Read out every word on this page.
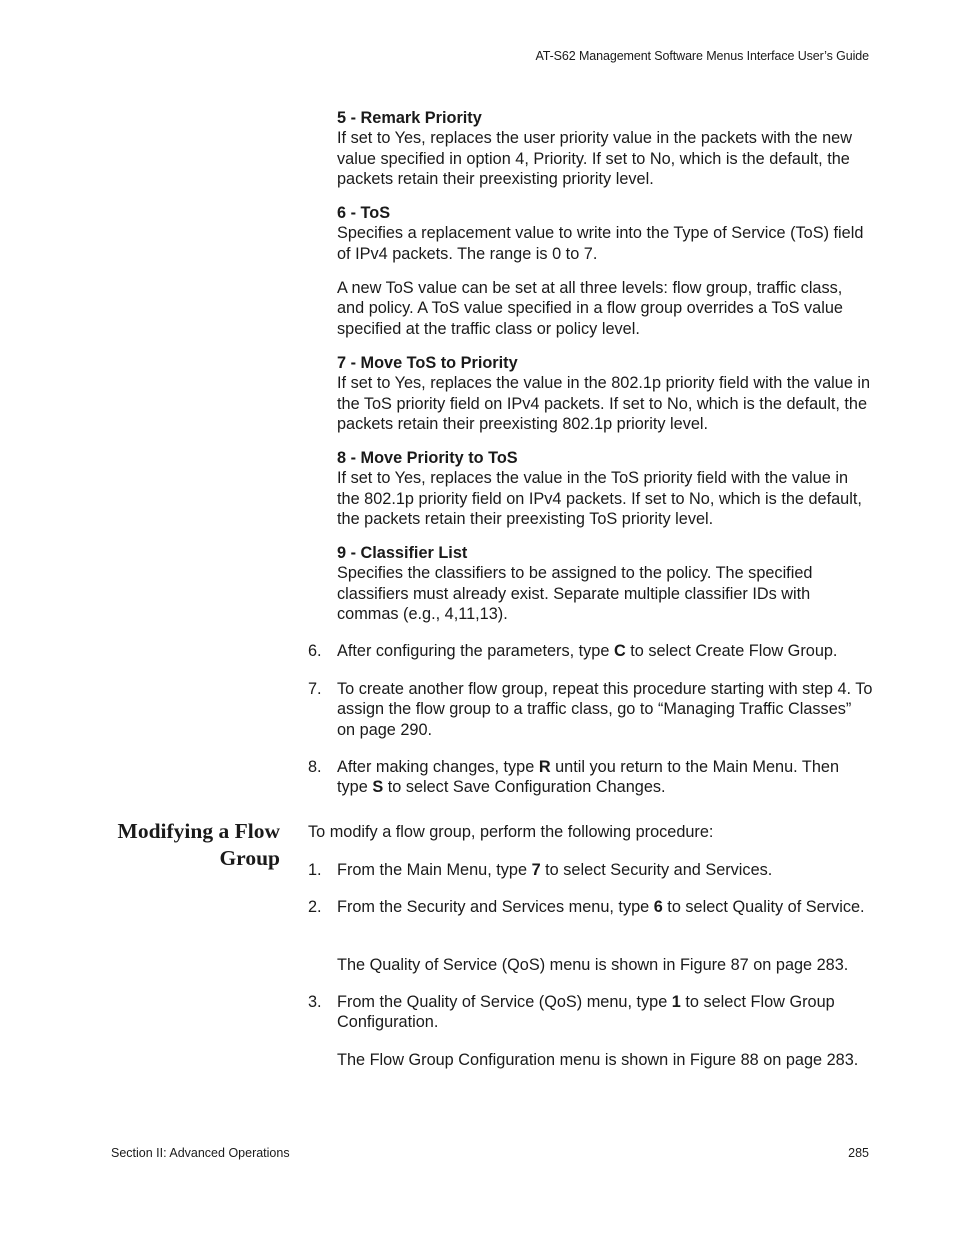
AT-S62 Management Software Menus Interface User’s Guide

5 - Remark Priority

If set to Yes, replaces the user priority value in the packets with the new value specified in option 4, Priority. If set to No, which is the default, the packets retain their preexisting priority level.

6 - ToS

Specifies a replacement value to write into the Type of Service (ToS) field of IPv4 packets. The range is 0 to 7.

A new ToS value can be set at all three levels: flow group, traffic class, and policy. A ToS value specified in a flow group overrides a ToS value specified at the traffic class or policy level.

7 - Move ToS to Priority

If set to Yes, replaces the value in the 802.1p priority field with the value in the ToS priority field on IPv4 packets. If set to No, which is the default, the packets retain their preexisting 802.1p priority level.

8 - Move Priority to ToS

If set to Yes, replaces the value in the ToS priority field with the value in the 802.1p priority field on IPv4 packets. If set to No, which is the default, the packets retain their preexisting ToS priority level.

9 - Classifier List

Specifies the classifiers to be assigned to the policy. The specified classifiers must already exist. Separate multiple classifier IDs with commas (e.g., 4,11,13).

6. After configuring the parameters, type C to select Create Flow Group.
7. To create another flow group, repeat this procedure starting with step 4. To assign the flow group to a traffic class, go to “Managing Traffic Classes” on page 290.
8. After making changes, type R until you return to the Main Menu. Then type S to select Save Configuration Changes.
Modifying a Flow
Group
To modify a flow group, perform the following procedure:
1. From the Main Menu, type 7 to select Security and Services.
2. From the Security and Services menu, type 6 to select Quality of Service.

The Quality of Service (QoS) menu is shown in Figure 87 on page 283.

3. From the Quality of Service (QoS) menu, type 1 to select Flow Group Configuration.

The Flow Group Configuration menu is shown in Figure 88 on page 283.

Section II: Advanced Operations	285
